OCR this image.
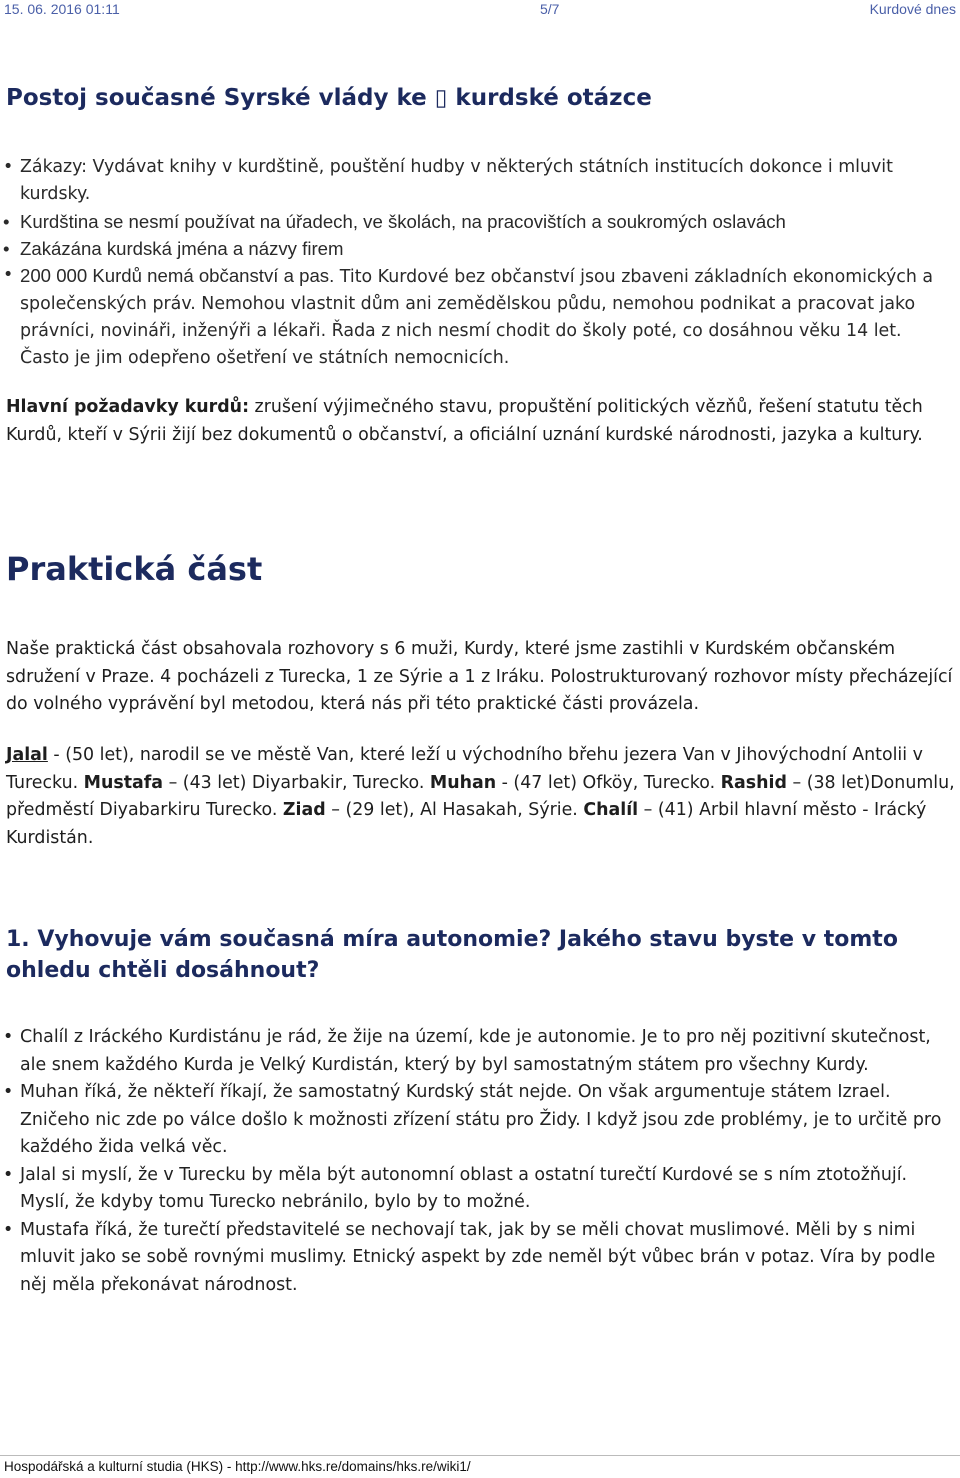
15. 06. 2016 01:11	5/7	Kurdové dnes
Postoj současné Syrské vlády ke ▯ kurdské otázce
• Zákazy: Vydávat knihy v kurdštině, pouštění hudby v některých státních institucích dokonce i mluvit kurdsky.
• Kurdština se nesmí používat na úřadech, ve školách, na pracovištích a soukromých oslavách
• Zakázána kurdská jména a názvy firem
• 200 000 Kurdů nemá občanství a pas. Tito Kurdové bez občanství jsou zbaveni základních ekonomických a společenských práv. Nemohou vlastnit dům ani zemědělskou půdu, nemohou podnikat a pracovat jako právníci, novináři, inženýři a lékaři. Řada z nich nesmí chodit do školy poté, co dosáhnou věku 14 let. Často je jim odepřeno ošetření ve státních nemocnicích.

Hlavní požadavky kurdů: zrušení výjimečného stavu, propuštění politických vězňů, řešení statutu těch Kurdů, kteří v Sýrii žijí bez dokumentů o občanství, a oficiální uznání kurdské národnosti, jazyka a kultury.

Praktická část

Naše praktická část obsahovala rozhovory s 6 muži, Kurdy, které jsme zastihli v Kurdském občanském sdružení v Praze. 4 pocházeli z Turecka, 1 ze Sýrie a 1 z Iráku. Polostrukturovaný rozhovor místy přecházející do volného vyprávění byl metodou, která nás při této praktické části provázela.

Jalal - (50 let), narodil se ve městě Van, které leží u východního břehu jezera Van v Jihovýchodní Antolii v Turecku. Mustafa – (43 let) Diyarbakir, Turecko. Muhan - (47 let) Ofköy, Turecko. Rashid – (38 let)Donumlu, předměstí Diyabarkiru Turecko. Ziad – (29 let), Al Hasakah, Sýrie. Chalíl – (41) Arbil hlavní město - Irácký Kurdistán.

1. Vyhovuje vám současná míra autonomie? Jakého stavu byste v tomto ohledu chtěli dosáhnout?
• Chalíl z Iráckého Kurdistánu je rád, že žije na území, kde je autonomie. Je to pro něj pozitivní skutečnost, ale snem každého Kurda je Velký Kurdistán, který by byl samostatným státem pro všechny Kurdy.
• Muhan říká, že někteří říkají, že samostatný Kurdský stát nejde. On však argumentuje státem Izrael. Zničeho nic zde po válce došlo k možnosti zřízení státu pro Židy. I když jsou zde problémy, je to určitě pro každého žida velká věc.
• Jalal si myslí, že v Turecku by měla být autonomní oblast a ostatní turečtí Kurdové se s ním ztotožňují. Myslí, že kdyby tomu Turecko nebránilo, bylo by to možné.
• Mustafa říká, že turečtí představitelé se nechovají tak, jak by se měli chovat muslimové. Měli by s nimi mluvit jako se sobě rovnými muslimy. Etnický aspekt by zde neměl být vůbec brán v potaz. Víra by podle něj měla překonávat národnost.
Hospodářská a kulturní studia (HKS) - http://www.hks.re/domains/hks.re/wiki1/
